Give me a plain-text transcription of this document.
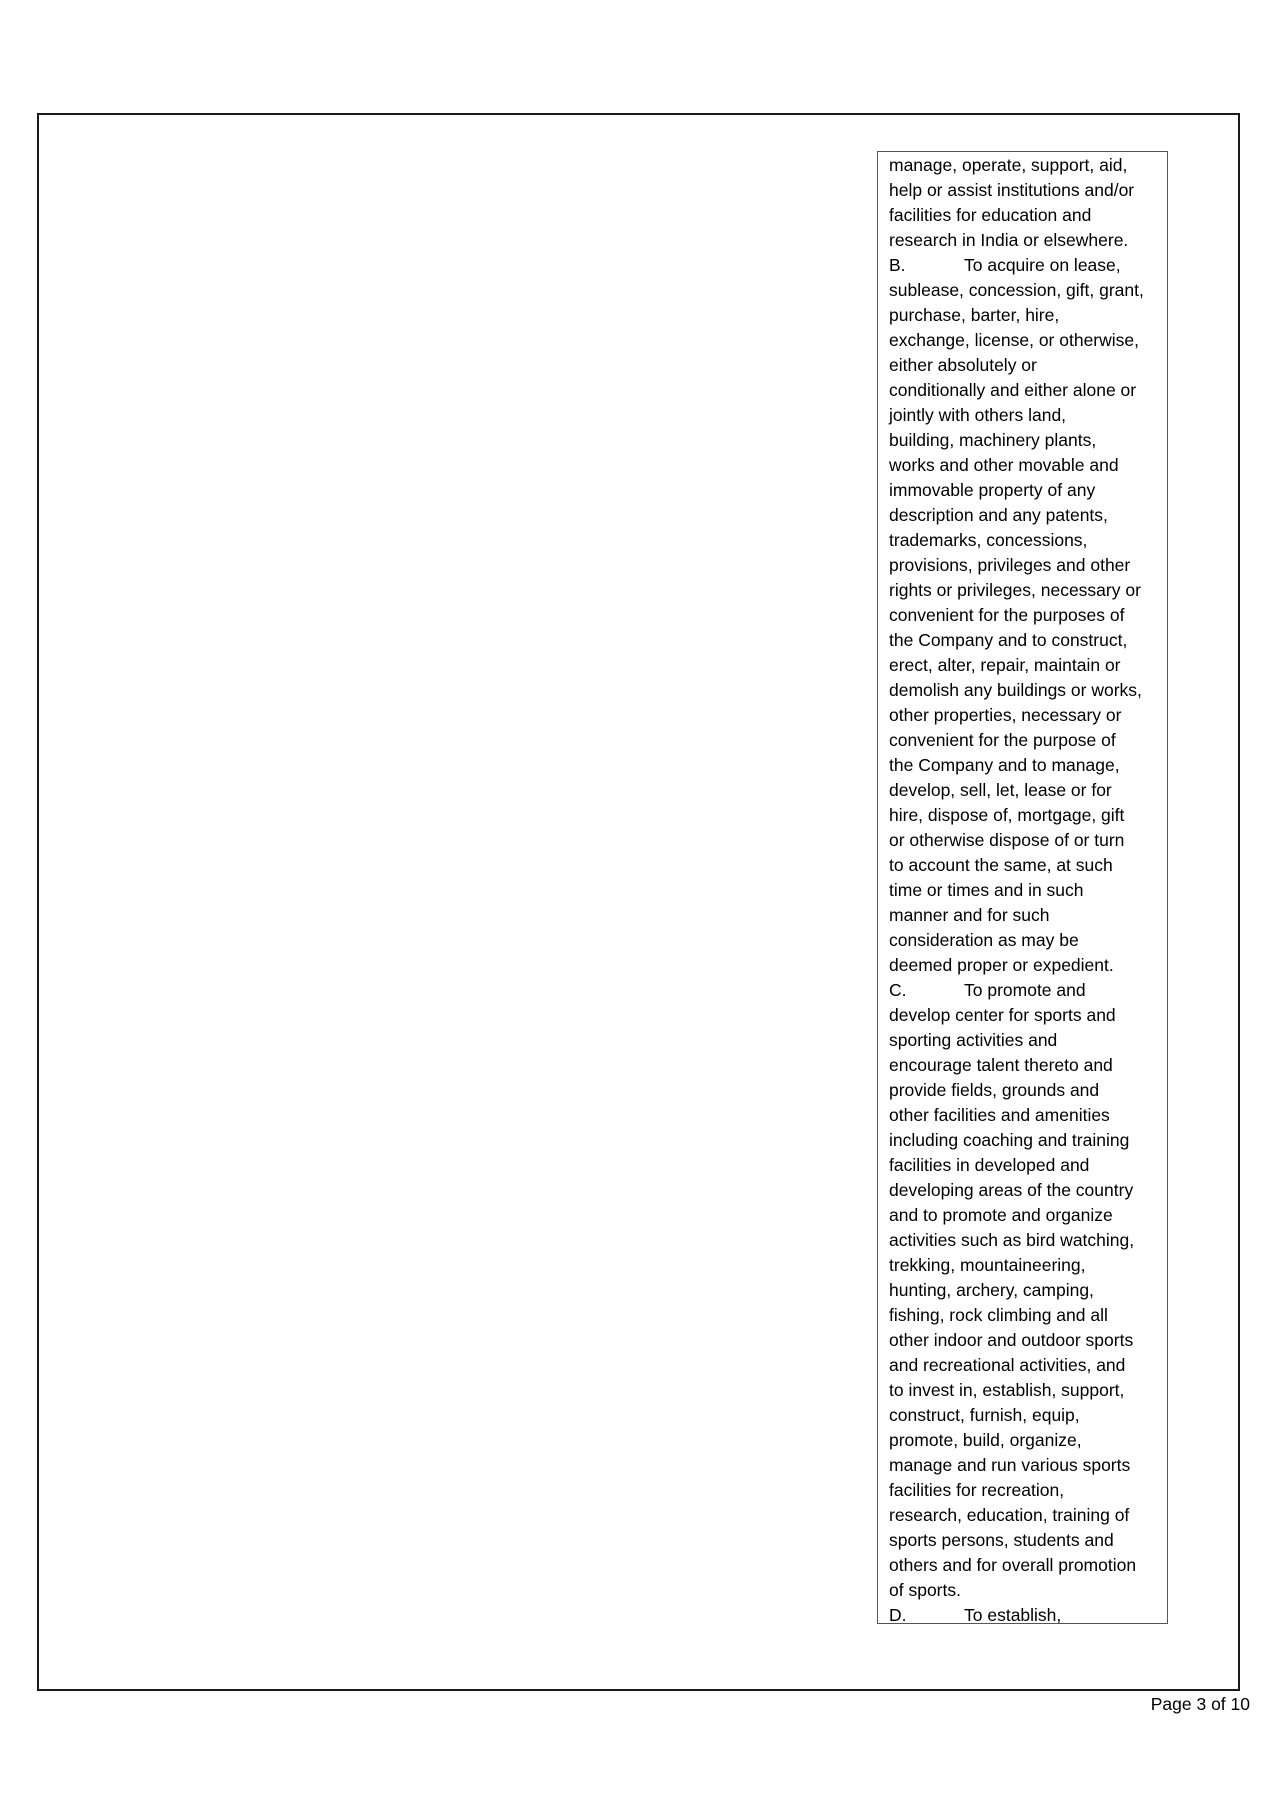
manage, operate, support, aid,
help or assist institutions and/or
facilities for education and
research in India or elsewhere.
B.	To acquire on lease,
sublease, concession, gift, grant,
purchase, barter, hire,
exchange, license, or otherwise,
either absolutely or
conditionally and either alone or
jointly with others land,
building, machinery plants,
works and other movable and
immovable property of any
description and any patents,
trademarks, concessions,
provisions, privileges and other
rights or privileges, necessary or
convenient for the purposes of
the Company and to construct,
erect, alter, repair, maintain or
demolish any buildings or works,
other properties, necessary or
convenient for the purpose of
the Company and to manage,
develop, sell, let, lease or for
hire, dispose of, mortgage, gift
or otherwise dispose of or turn
to account the same, at such
time or times and in such
manner and for such
consideration as may be
deemed proper or expedient.
C.	To promote and
develop center for sports and
sporting activities and
encourage talent thereto and
provide fields, grounds and
other facilities and amenities
including coaching and training
facilities in developed and
developing areas of the country
and to promote and organize
activities such as bird watching,
trekking, mountaineering,
hunting, archery, camping,
fishing, rock climbing and all
other indoor and outdoor sports
and recreational activities, and
to invest in, establish, support,
construct, furnish, equip,
promote, build, organize,
manage and run various sports
facilities for recreation,
research, education, training of
sports persons, students and
others and for overall promotion
of sports.
D.	To establish,
Page 3 of 10
